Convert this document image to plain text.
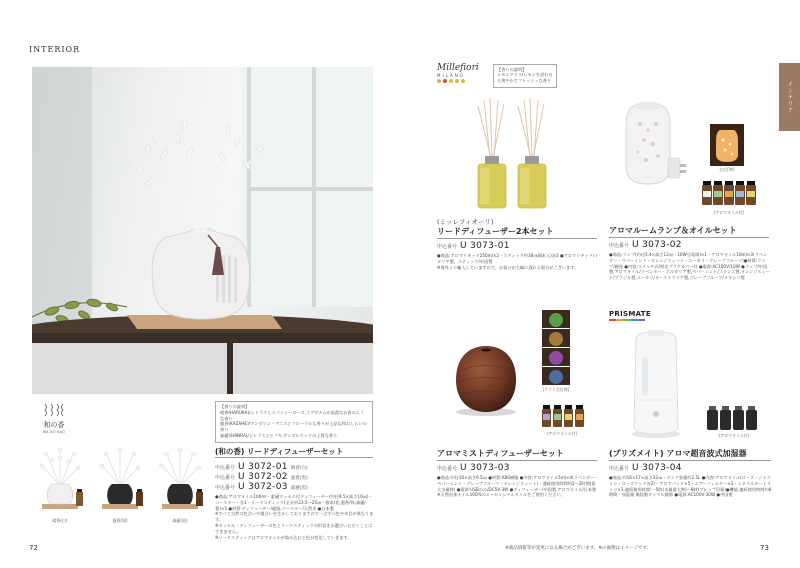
INTERIOR
インテリア
和の香
WA NO KAO
【香りの説明】
晴香(HARUKA)/シトラスとスパイシーローズ,ラブダナムが高貴なお香のような香り
風香(KAZAHE)/マンダリン・アニスとフローラルな香りが上品な和おしらいの香り
森麗(SHINRA)/シトラスとヒノキ,サンダルウッドの上質な香り
晴香(白)	風香(黒)	森麗(黒)
(和の香) リードディフューザーセット
申込番号 U 3072-01 晴香(白)
申込番号 U 3072-02 風香(黒)
申込番号 U 3072-03 森麗(黒)
●商品:アロマオイル100ml・素磁タッセル付ディフューザー(約径9.5×高さ10㎝)・コースター・各1・リードスティック(全長約23.5〜25㎝・数本/花,風香/筒,森麗/葉)×5 ●材質:ディフューザー/磁器,コースター/天然木 ●日本製
※すべて自然の色合いや風合いを生かしておりますので一点ずつ色や木目が異なります。
※タッセル・ディフューザーの色とリードスティックの形状をお選びいただくことはできません。
※リードスティックはアロマオイルが染み込むと色が変化していきます。
72
Millefiori
MILANO
【香りの説明】
レモングラス/レモンを思わせる爽やかでフレッシュな香り
(ミッレフィオーリ)
リードディフューザー2本セット
申込番号 U 3073-01
●商品:アロマリキッド250ml×2・スティック約30㎝(8本入)各2 ●アロマリキッド/イタリア製、スティック/中国製
※海外より輸入していますので、お届けが大幅に遅れる場合がございます。
(点灯時)
(アロマオイル付)
アロマルームランプ＆オイルセット
申込番号 U 3073-02
●商品:ランプ(約径5.4×高さ12㎝・10W豆電球)×1・アロマオイル10ml×3(ラベンダー・ペパーミント・オレンジスィート・ユーカリ・グレープフルーツ)●材質:ランプ/磁器 ●内容:スイッチ式/照光プラグカバー付 ●電源:AC100V/10W ●ランプ/中国製,アロマオイル/ラベンダー・ブルガリア製,ペパーミント/フランス製,オレンジスィート/ブラジル製,ユーカリ/オーストラリア製,グレープフルーツ/メキシコ製
(ライト点灯時)
(アロマオイル付)
アロマミストディフューザーセット
申込番号 U 3073-03
●商品:約径10×高さ9.5㎝ ●材質:ABS樹脂 ●内容:アロマオイル5ml×4(ラベンダー・ペパーミント・グレープフルーツ・オレンジスィート)・連続使用時間約2〜2時間(最大水量時) ●電源:USBのみ/DC5V-3W ●ディフューザー/中国製,アロマオイル/日本製
※天然由来オイル100%のエッセンシャルオイルをご使用ください。
PRISMATE
(アロマオイル付)
(プリズメイト) アロマ超音波式加湿器
申込番号 U 3073-04
●商品:約16×17×高さ32㎝・タンク容量約2.5L ●内容:アロマオイル(ローズ・ジャスミン・ローズウッド各2)・アロマパッド×5・エアーフィルター×3・ミネラルカートリッジ×1,連続使用時間:〜5時(水量最大時)〜8時(ブレップ吊量)●機能:連続使用時間約8時間・加湿量 無段階ダイヤル調節 ●電源:AC100V-30W ●中国製
※商品情報等が変更になる場合がございます。※の画像はイメージです。	73
